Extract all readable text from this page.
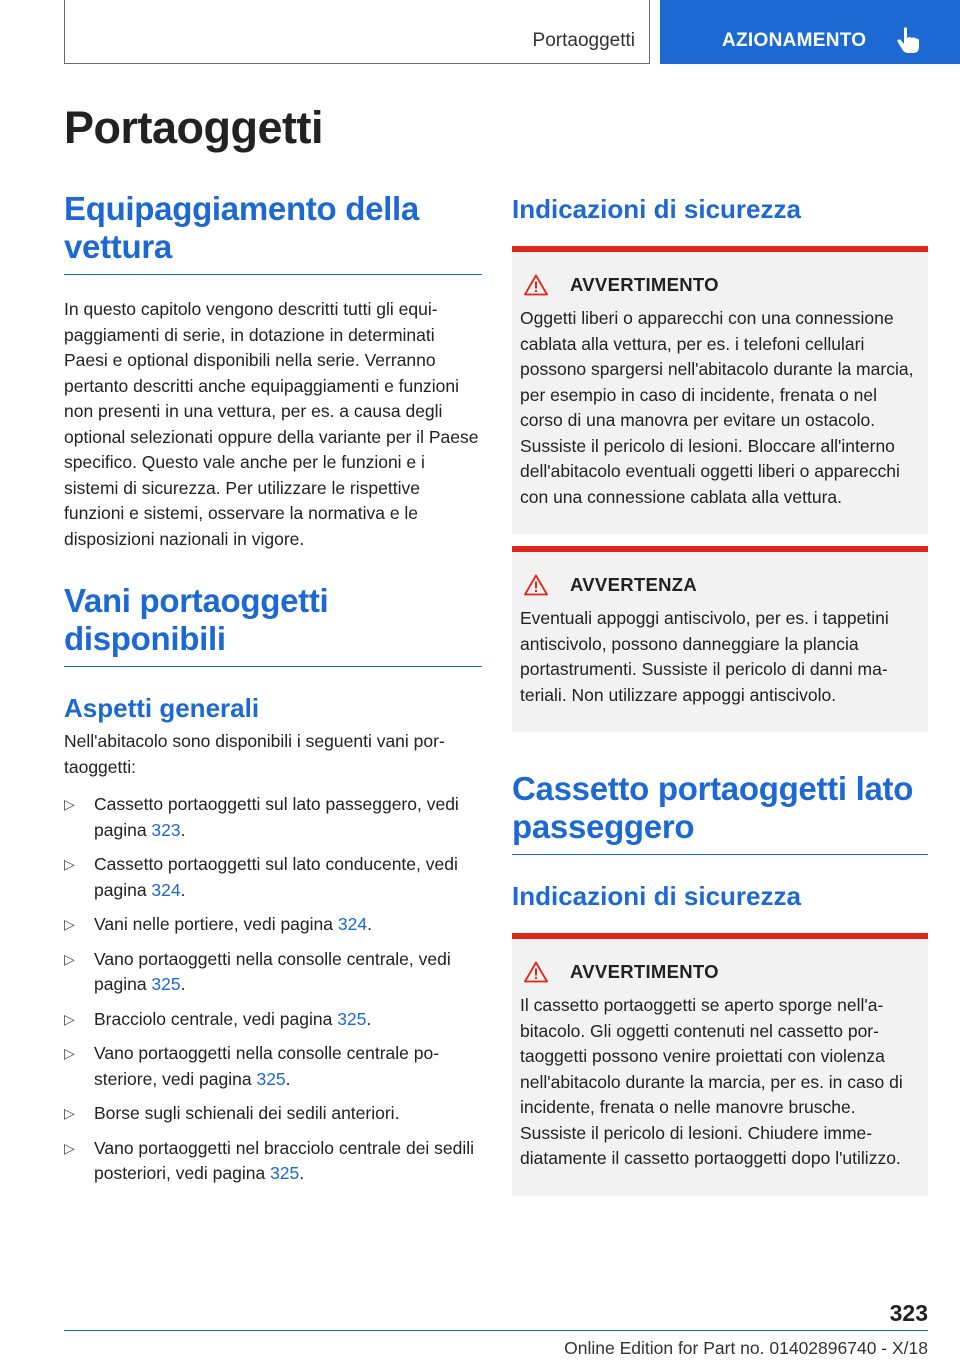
Portaoggetti	AZIONAMENTO
Portaoggetti
Equipaggiamento della vettura

In questo capitolo vengono descritti tutti gli equipaggiamenti di serie, in dotazione in determinati Paesi e optional disponibili nella serie. Verranno pertanto descritti anche equipaggiamenti e funzioni non presenti in una vettura, per es. a causa degli optional selezionati oppure della variante per il Paese specifico. Questo vale anche per le funzioni e i sistemi di sicurezza. Per utilizzare le rispettive funzioni e sistemi, osservare la normativa e le disposizioni nazionali in vigore.

Vani portaoggetti disponibili
Aspetti generali

Nell'abitacolo sono disponibili i seguenti vani portaoggetti:

▷ Cassetto portaoggetti sul lato passeggero, vedi pagina 323.
▷ Cassetto portaoggetti sul lato conducente, vedi pagina 324.
▷ Vani nelle portiere, vedi pagina 324.
▷ Vano portaoggetti nella consolle centrale, vedi pagina 325.
▷ Bracciolo centrale, vedi pagina 325.
▷ Vano portaoggetti nella consolle centrale posteriore, vedi pagina 325.
▷ Borse sugli schienali dei sedili anteriori.
▷ Vano portaoggetti nel bracciolo centrale dei sedili posteriori, vedi pagina 325.
Indicazioni di sicurezza
AVVERTIMENTO

Oggetti liberi o apparecchi con una connessione cablata alla vettura, per es. i telefoni cellulari possono spargersi nell'abitacolo durante la marcia, per esempio in caso di incidente, frenata o nel corso di una manovra per evitare un ostacolo. Sussiste il pericolo di lesioni. Bloccare all'interno dell'abitacolo eventuali oggetti liberi o apparecchi con una connessione cablata alla vettura.

AVVERTENZA

Eventuali appoggi antiscivolo, per es. i tappetini antiscivolo, possono danneggiare la plancia portastrumenti. Sussiste il pericolo di danni materiali. Non utilizzare appoggi antiscivolo.

Cassetto portaoggetti lato passeggero
Indicazioni di sicurezza
AVVERTIMENTO

Il cassetto portaoggetti se aperto sporge nell'abitacolo. Gli oggetti contenuti nel cassetto portaoggetti possono venire proiettati con violenza nell'abitacolo durante la marcia, per es. in caso di incidente, frenata o nelle manovre brusche. Sussiste il pericolo di lesioni. Chiudere immediatamente il cassetto portaoggetti dopo l'utilizzo.

323
Online Edition for Part no. 01402896740 - X/18
